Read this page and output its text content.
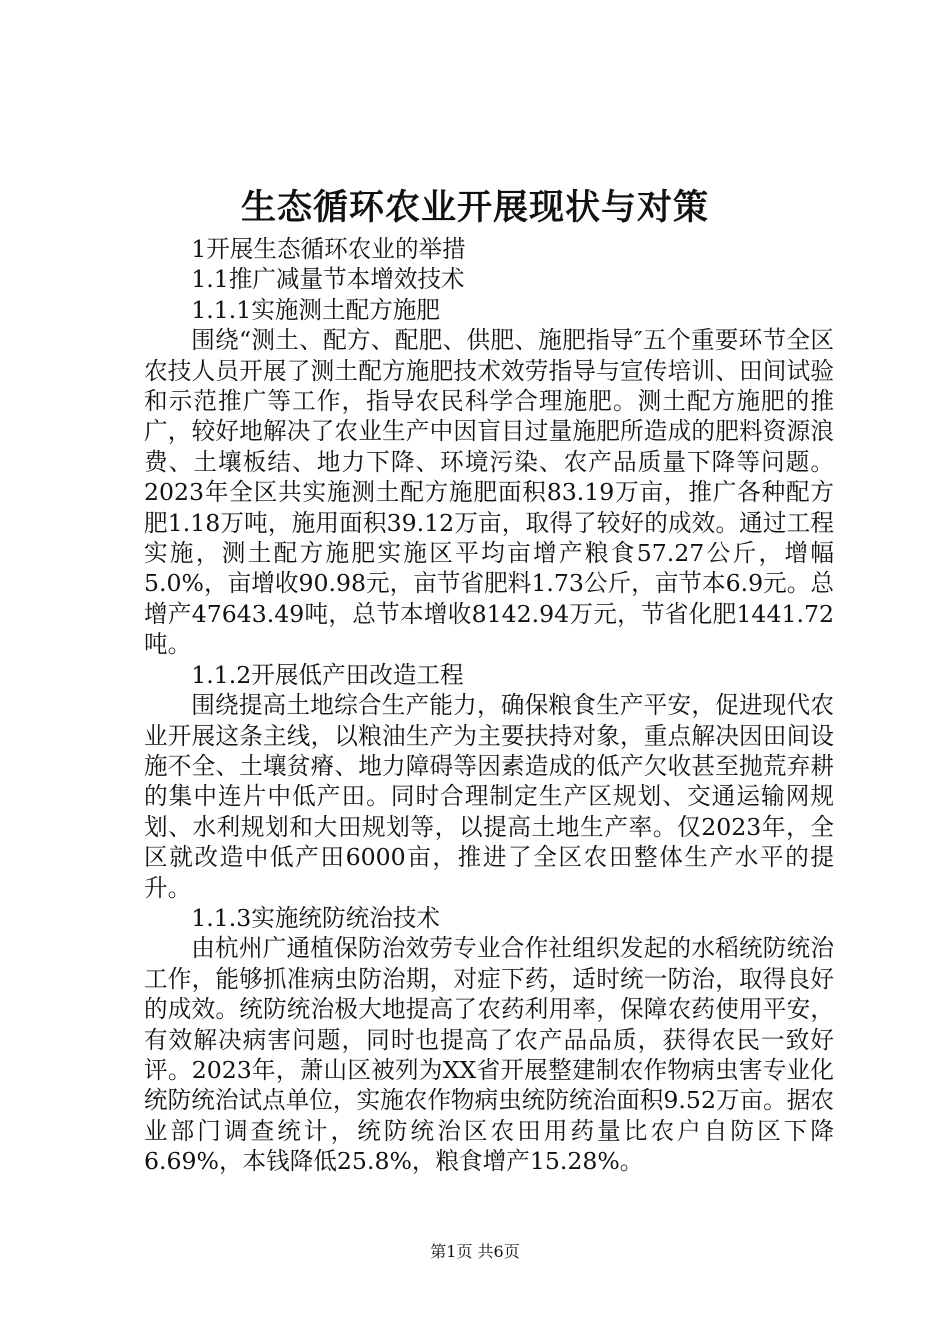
生态循环农业开展现状与对策

1开展生态循环农业的举措

1.1推广减量节本增效技术

1.1.1实施测土配方施肥

围绕“测土、配方、配肥、供肥、施肥指导″五个重要环节全区农技人员开展了测土配方施肥技术效劳指导与宣传培训、田间试验和示范推广等工作，指导农民科学合理施肥。测土配方施肥的推广，较好地解决了农业生产中因盲目过量施肥所造成的肥料资源浪费、土壤板结、地力下降、环境污染、农产品质量下降等问题。2023年全区共实施测土配方施肥面积83.19万亩，推广各种配方肥1.18万吨，施用面积39.12万亩，取得了较好的成效。通过工程实施，测土配方施肥实施区平均亩增产粮食57.27公斤，增幅5.0%，亩增收90.98元，亩节省肥料1.73公斤，亩节本6.9元。总增产47643.49吨，总节本增收8142.94万元，节省化肥1441.72吨。

1.1.2开展低产田改造工程

围绕提高土地综合生产能力，确保粮食生产平安，促进现代农业开展这条主线，以粮油生产为主要扶持对象，重点解决因田间设施不全、土壤贫瘠、地力障碍等因素造成的低产欠收甚至抛荒弃耕的集中连片中低产田。同时合理制定生产区规划、交通运输网规划、水利规划和大田规划等，以提高土地生产率。仅2023年，全区就改造中低产田6000亩，推进了全区农田整体生产水平的提升。

1.1.3实施统防统治技术

由杭州广通植保防治效劳专业合作社组织发起的水稻统防统治工作，能够抓准病虫防治期，对症下药，适时统一防治，取得良好的成效。统防统治极大地提高了农药利用率，保障农药使用平安，有效解决病害问题，同时也提高了农产品品质，获得农民一致好评。2023年，萧山区被列为XX省开展整建制农作物病虫害专业化统防统治试点单位，实施农作物病虫统防统治面积9.52万亩。据农业部门调查统计，统防统治区农田用药量比农户自防区下降6.69%，本钱降低25.8%，粮食增产15.28%。

第1页 共6页
